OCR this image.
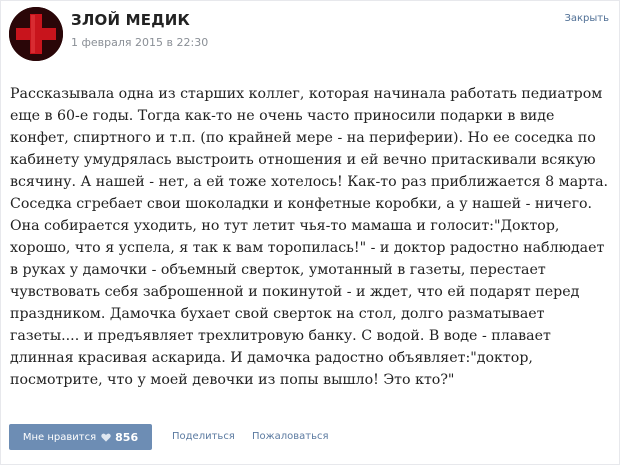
ЗЛОЙ МЕДИК
1 февраля 2015 в 22:30
Закрыть

Рассказывала одна из старших коллег, которая начинала работать педиатром еще в 60-е годы. Тогда как-то не очень часто приносили подарки в виде конфет, спиртного и т.п. (по крайней мере - на периферии). Но ее соседка по кабинету умудрялась выстроить отношения и ей вечно притаскивали всякую всячину. А нашей - нет, а ей тоже хотелось! Как-то раз приближается 8 марта. Соседка сгребает свои шоколадки и конфетные коробки, а у нашей - ничего. Она собирается уходить, но тут летит чья-то мамаша и голосит:"Доктор, хорошо, что я успела, я так к вам торопилась!" - и доктор радостно наблюдает в руках у дамочки - объемный сверток, умотанный в газеты, перестает чувствовать себя заброшенной и покинутой - и ждет, что ей подарят перед праздником. Дамочка бухает свой сверток на стол, долго разматывает газеты.... и предъявляет трехлитровую банку. С водой. В воде - плавает длинная красивая аскарида. И дамочка радостно объявляет:"доктор, посмотрите, что у моей девочки из попы вышло! Это кто?"

Мне нравится 856	Поделиться Пожаловаться
